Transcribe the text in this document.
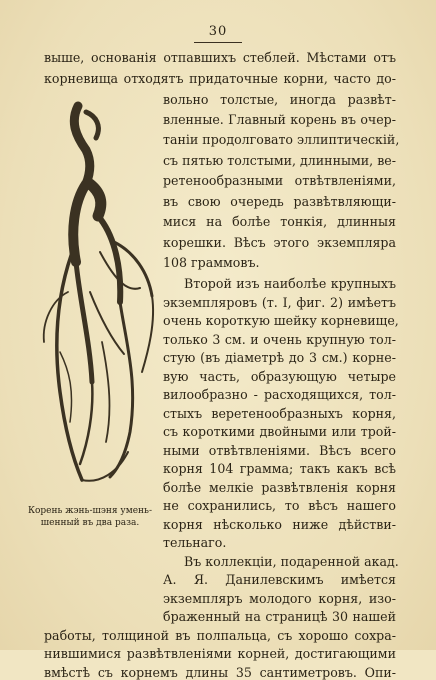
30
Корень жэнь-шэня умень-
шенный въ два раза.
выше, основанія отпавшихъ стеблей. Мѣстами отъ
корневища отходятъ придаточные корни, часто до-
вольно толстые, иногда развѣт-
вленные. Главный корень въ очер-
таніи продолговато эллиптическій,
съ пятью толстыми, длинными, ве-
ретенообразными отвѣтвленіями,
въ свою очередь развѣтвляющи-
мися на болѣе тонкія, длинныя
корешки. Вѣсъ этого экземпляра
108 граммовъ.
Второй изъ наиболѣе крупныхъ
экземпляровъ (т. I, фиг. 2) имѣетъ
очень короткую шейку корневище,
только 3 см. и очень крупную тол-
стую (въ діаметрѣ до 3 см.) корне-
вую часть, образующую четыре
вилообразно - расходящихся, тол-
стыхъ веретенообразныхъ корня,
съ короткими двойными или трой-
ными отвѣтвленіями. Вѣсъ всего
корня 104 грамма; такъ какъ всѣ
болѣе мелкіе развѣтвленія корня
не сохранились, то вѣсъ нашего
корня нѣсколько ниже дѣйстви-
тельнаго.
Въ коллекціи, подаренной акад.
А. Я. Данилевскимъ имѣется
экземпляръ молодого корня, изо-
браженный на страницѣ 30 нашей
работы, толщиной въ полпальца, съ хорошо сохра-
нившимися развѣтвленіями корней, достигающими
вмѣстѣ съ корнемъ длины 35 сантиметровъ. Опи-
